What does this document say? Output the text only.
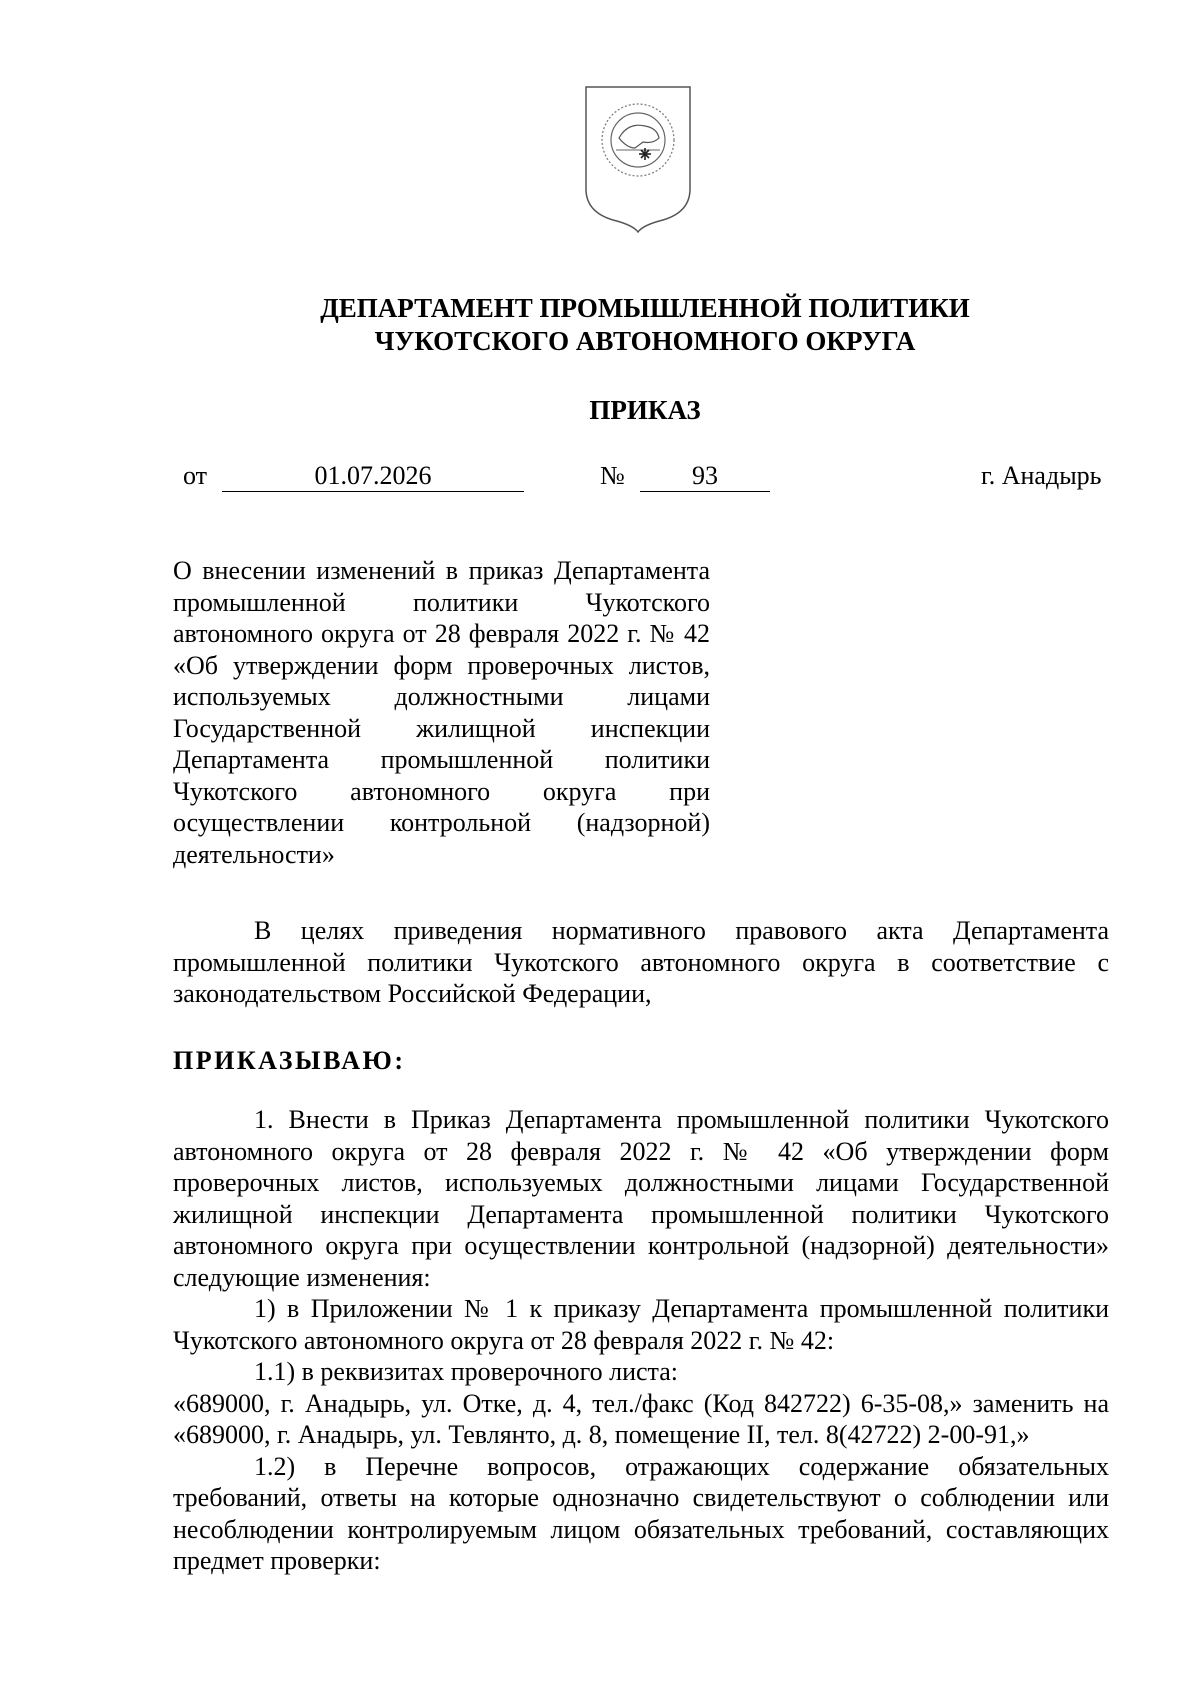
ДЕПАРТАМЕНТ ПРОМЫШЛЕННОЙ ПОЛИТИКИ
ЧУКОТСКОГО АВТОНОМНОГО ОКРУГА
ПРИКАЗ
от	01.07.2026	№	93	г. Анадырь
О внесении изменений в приказ Департамента промышленной политики Чукотского автономного округа от 28 февраля 2022 г. № 42 «Об утверждении форм проверочных листов, используемых должностными лицами Государственной жилищной инспекции Департамента промышленной политики Чукотского автономного округа при осуществлении контрольной (надзорной) деятельности»
В целях приведения нормативного правового акта Департамента промышленной политики Чукотского автономного округа в соответствие с законодательством Российской Федерации,
ПРИКАЗЫВАЮ:

1. Внести в Приказ Департамента промышленной политики Чукотского автономного округа от 28 февраля 2022 г. № 42 «Об утверждении форм проверочных листов, используемых должностными лицами Государственной жилищной инспекции Департамента промышленной политики Чукотского автономного округа при осуществлении контрольной (надзорной) деятельности» следующие изменения:

1) в Приложении № 1 к приказу Департамента промышленной политики Чукотского автономного округа от 28 февраля 2022 г. № 42:

1.1) в реквизитах проверочного листа:

«689000, г. Анадырь, ул. Отке, д. 4, тел./факс (Код 842722) 6-35-08,» заменить на «689000, г. Анадырь, ул. Тевлянто, д. 8, помещение II, тел. 8(42722) 2-00-91,»

1.2) в Перечне вопросов, отражающих содержание обязательных требований, ответы на которые однозначно свидетельствуют о соблюдении или несоблюдении контролируемым лицом обязательных требований, составляющих предмет проверки:
